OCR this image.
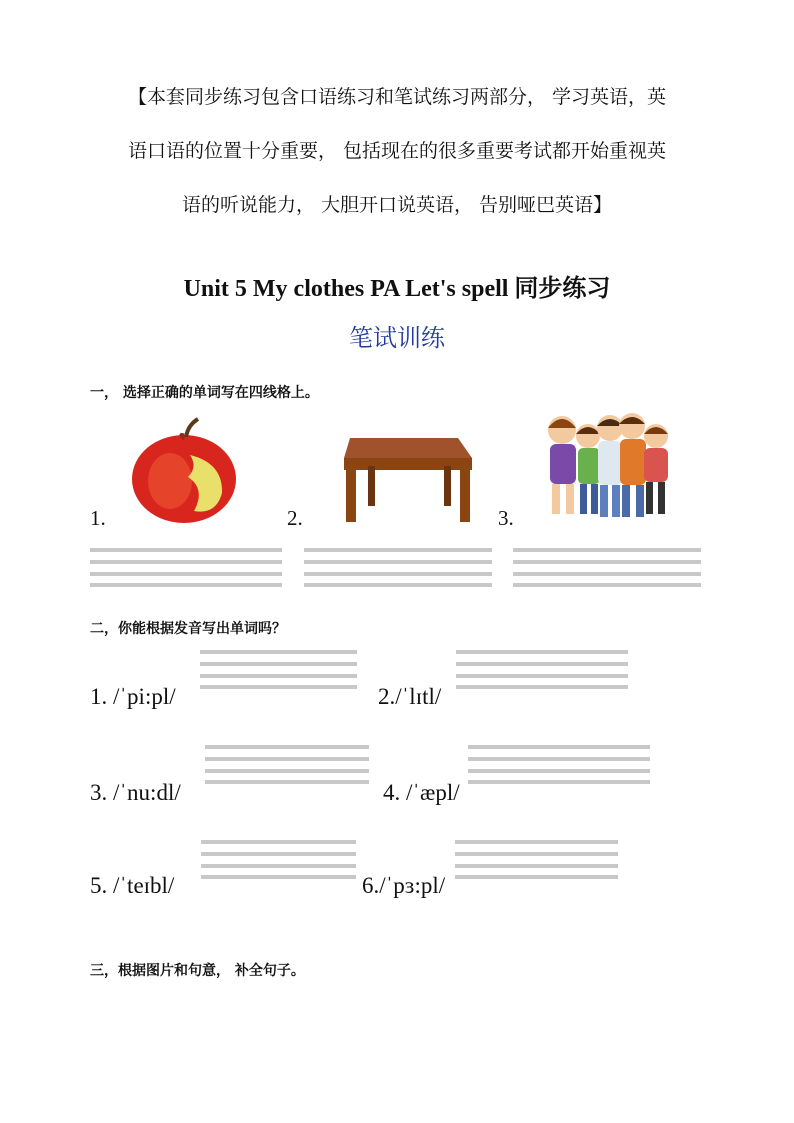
【本套同步练习包含口语练习和笔试练习两部分， 学习英语，英
语口语的位置十分重要， 包括现在的很多重要考试都开始重视英
语的听说能力， 大胆开口说英语， 告别哑巴英语】
Unit 5 My clothes PA Let's spell 同步练习
笔试训练
一， 选择正确的单词写在四线格上。
1.	2.	3.
二，你能根据发音写出单词吗？
1. /ˈpi:pl/	2./ˈlɪtl/
3. /ˈnu:dl/	4. /ˈæpl/
5. /ˈteɪbl/	6./ˈpɜ:pl/
三，根据图片和句意， 补全句子。
